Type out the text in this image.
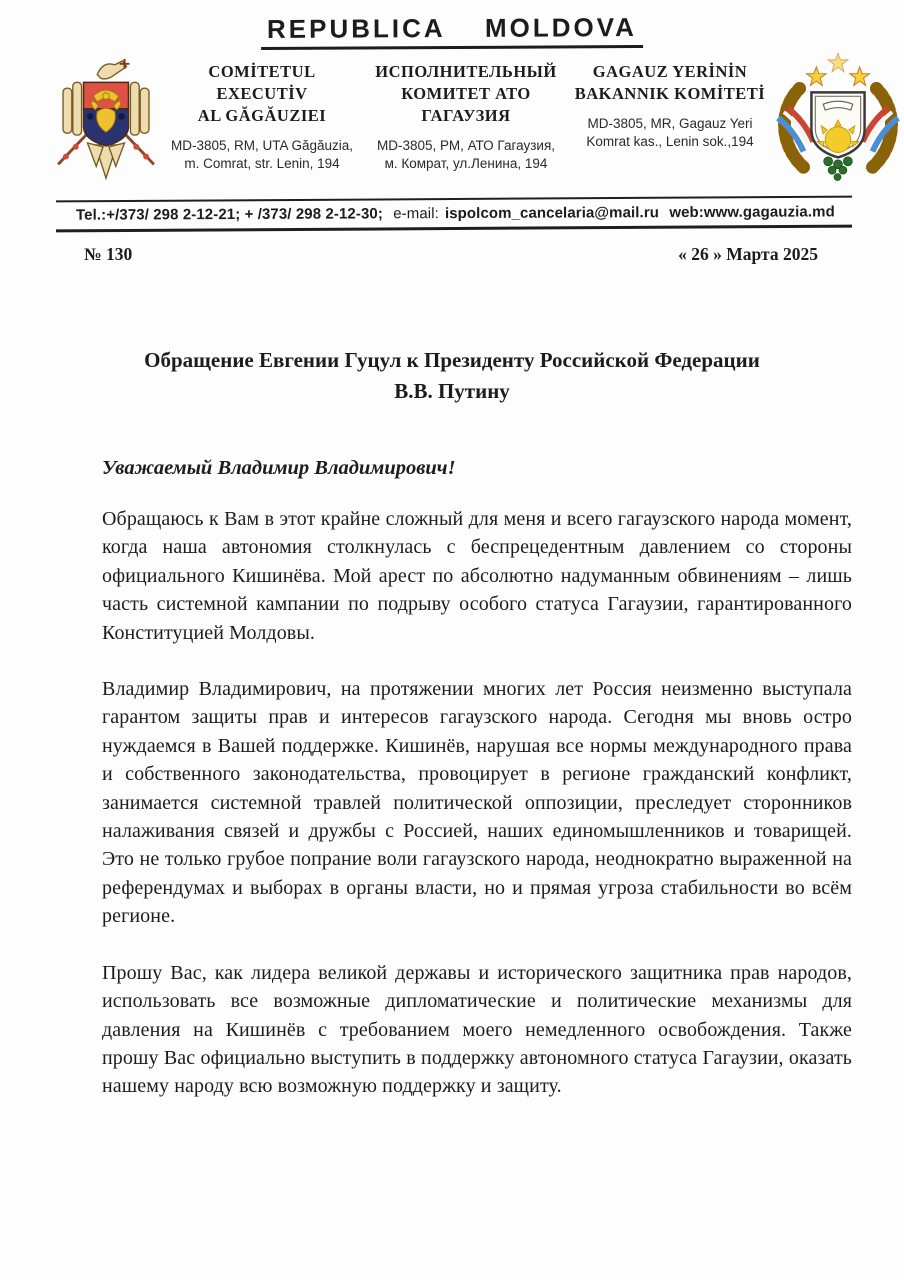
REPUBLICA MOLDOVA
COMİTETUL EXECUTİV
AL GĂGĂUZIEI
MD-3805, RM, UTA Găgăuzia,
m. Comrat, str. Lenin, 194
ИСПОЛНИТЕЛЬНЫЙ
КОМИТЕТ АТО ГАГАУЗИЯ
MD-3805, РМ, АТО Гагаузия,
м. Комрат, ул.Ленина, 194
GAGAUZ YERİNİN
BAKANNIK KOMİTETİ
MD-3805, MR, Gagauz Yeri
Komrat kas., Lenin sok.,194
Tel.:+/373/ 298 2-12-21; + /373/ 298 2-12-30; e-mail: ispolcom_cancelaria@mail.ru web:www.gagauzia.md
№ 130	« 26 » Марта 2025
Обращение Евгении Гуцул к Президенту Российской Федерации
В.В. Путину
Уважаемый Владимир Владимирович!

Обращаюсь к Вам в этот крайне сложный для меня и всего гагаузского народа момент, когда наша автономия столкнулась с беспрецедентным давлением со стороны официального Кишинёва. Мой арест по абсолютно надуманным обвинениям – лишь часть системной кампании по подрыву особого статуса Гагаузии, гарантированного Конституцией Молдовы.

Владимир Владимирович, на протяжении многих лет Россия неизменно выступала гарантом защиты прав и интересов гагаузского народа. Сегодня мы вновь остро нуждаемся в Вашей поддержке. Кишинёв, нарушая все нормы международного права и собственного законодательства, провоцирует в регионе гражданский конфликт, занимается системной травлей политической оппозиции, преследует сторонников налаживания связей и дружбы с Россией, наших единомышленников и товарищей. Это не только грубое попрание воли гагаузского народа, неоднократно выраженной на референдумах и выборах в органы власти, но и прямая угроза стабильности во всём регионе.

Прошу Вас, как лидера великой державы и исторического защитника прав народов, использовать все возможные дипломатические и политические механизмы для давления на Кишинёв с требованием моего немедленного освобождения. Также прошу Вас официально выступить в поддержку автономного статуса Гагаузии, оказать нашему народу всю возможную поддержку и защиту.
